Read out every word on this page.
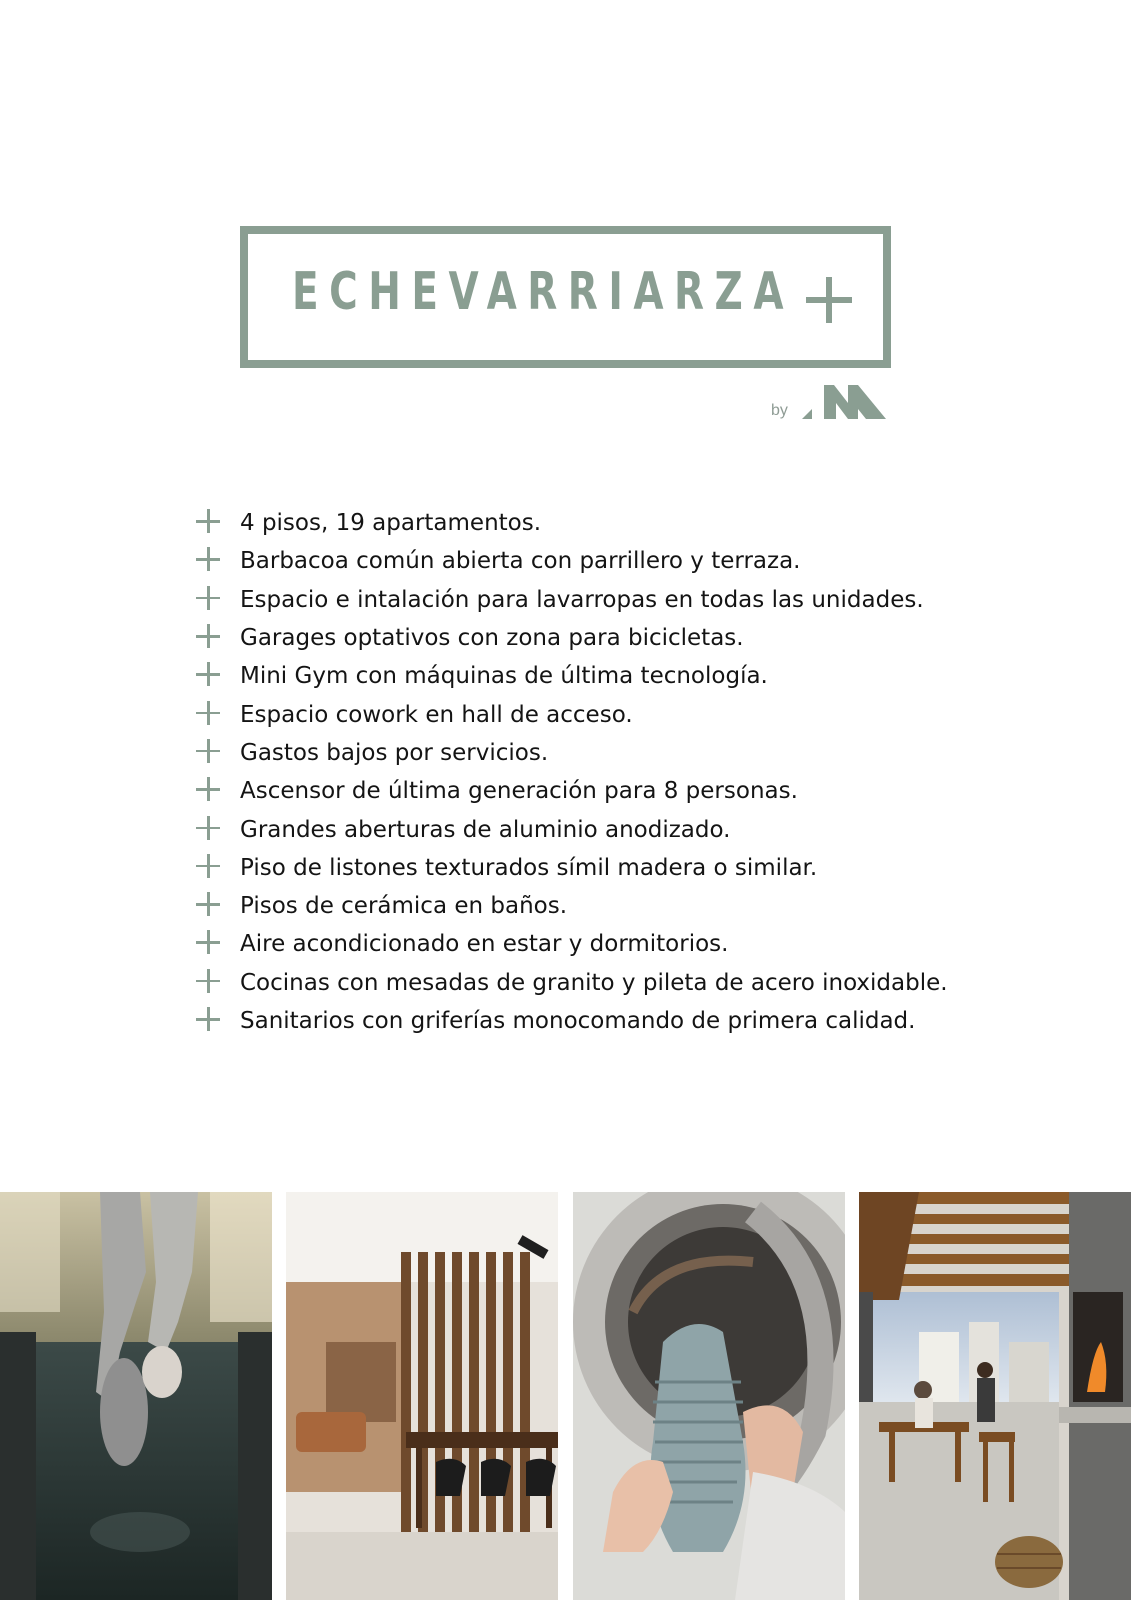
ECHEVARRIARZA
by
4 pisos, 19 apartamentos.
Barbacoa común abierta con parrillero y terraza.
Espacio e intalación para lavarropas en todas las unidades.
Garages optativos con zona para bicicletas.
Mini Gym con máquinas de última tecnología.
Espacio cowork en hall de acceso.
Gastos bajos por servicios.
Ascensor de última generación para 8 personas.
Grandes aberturas de aluminio anodizado.
Piso de listones texturados símil madera o similar.
Pisos de cerámica en baños.
Aire acondicionado en estar y dormitorios.
Cocinas con mesadas de granito y pileta de acero inoxidable.
Sanitarios con griferías monocomando de primera calidad.
